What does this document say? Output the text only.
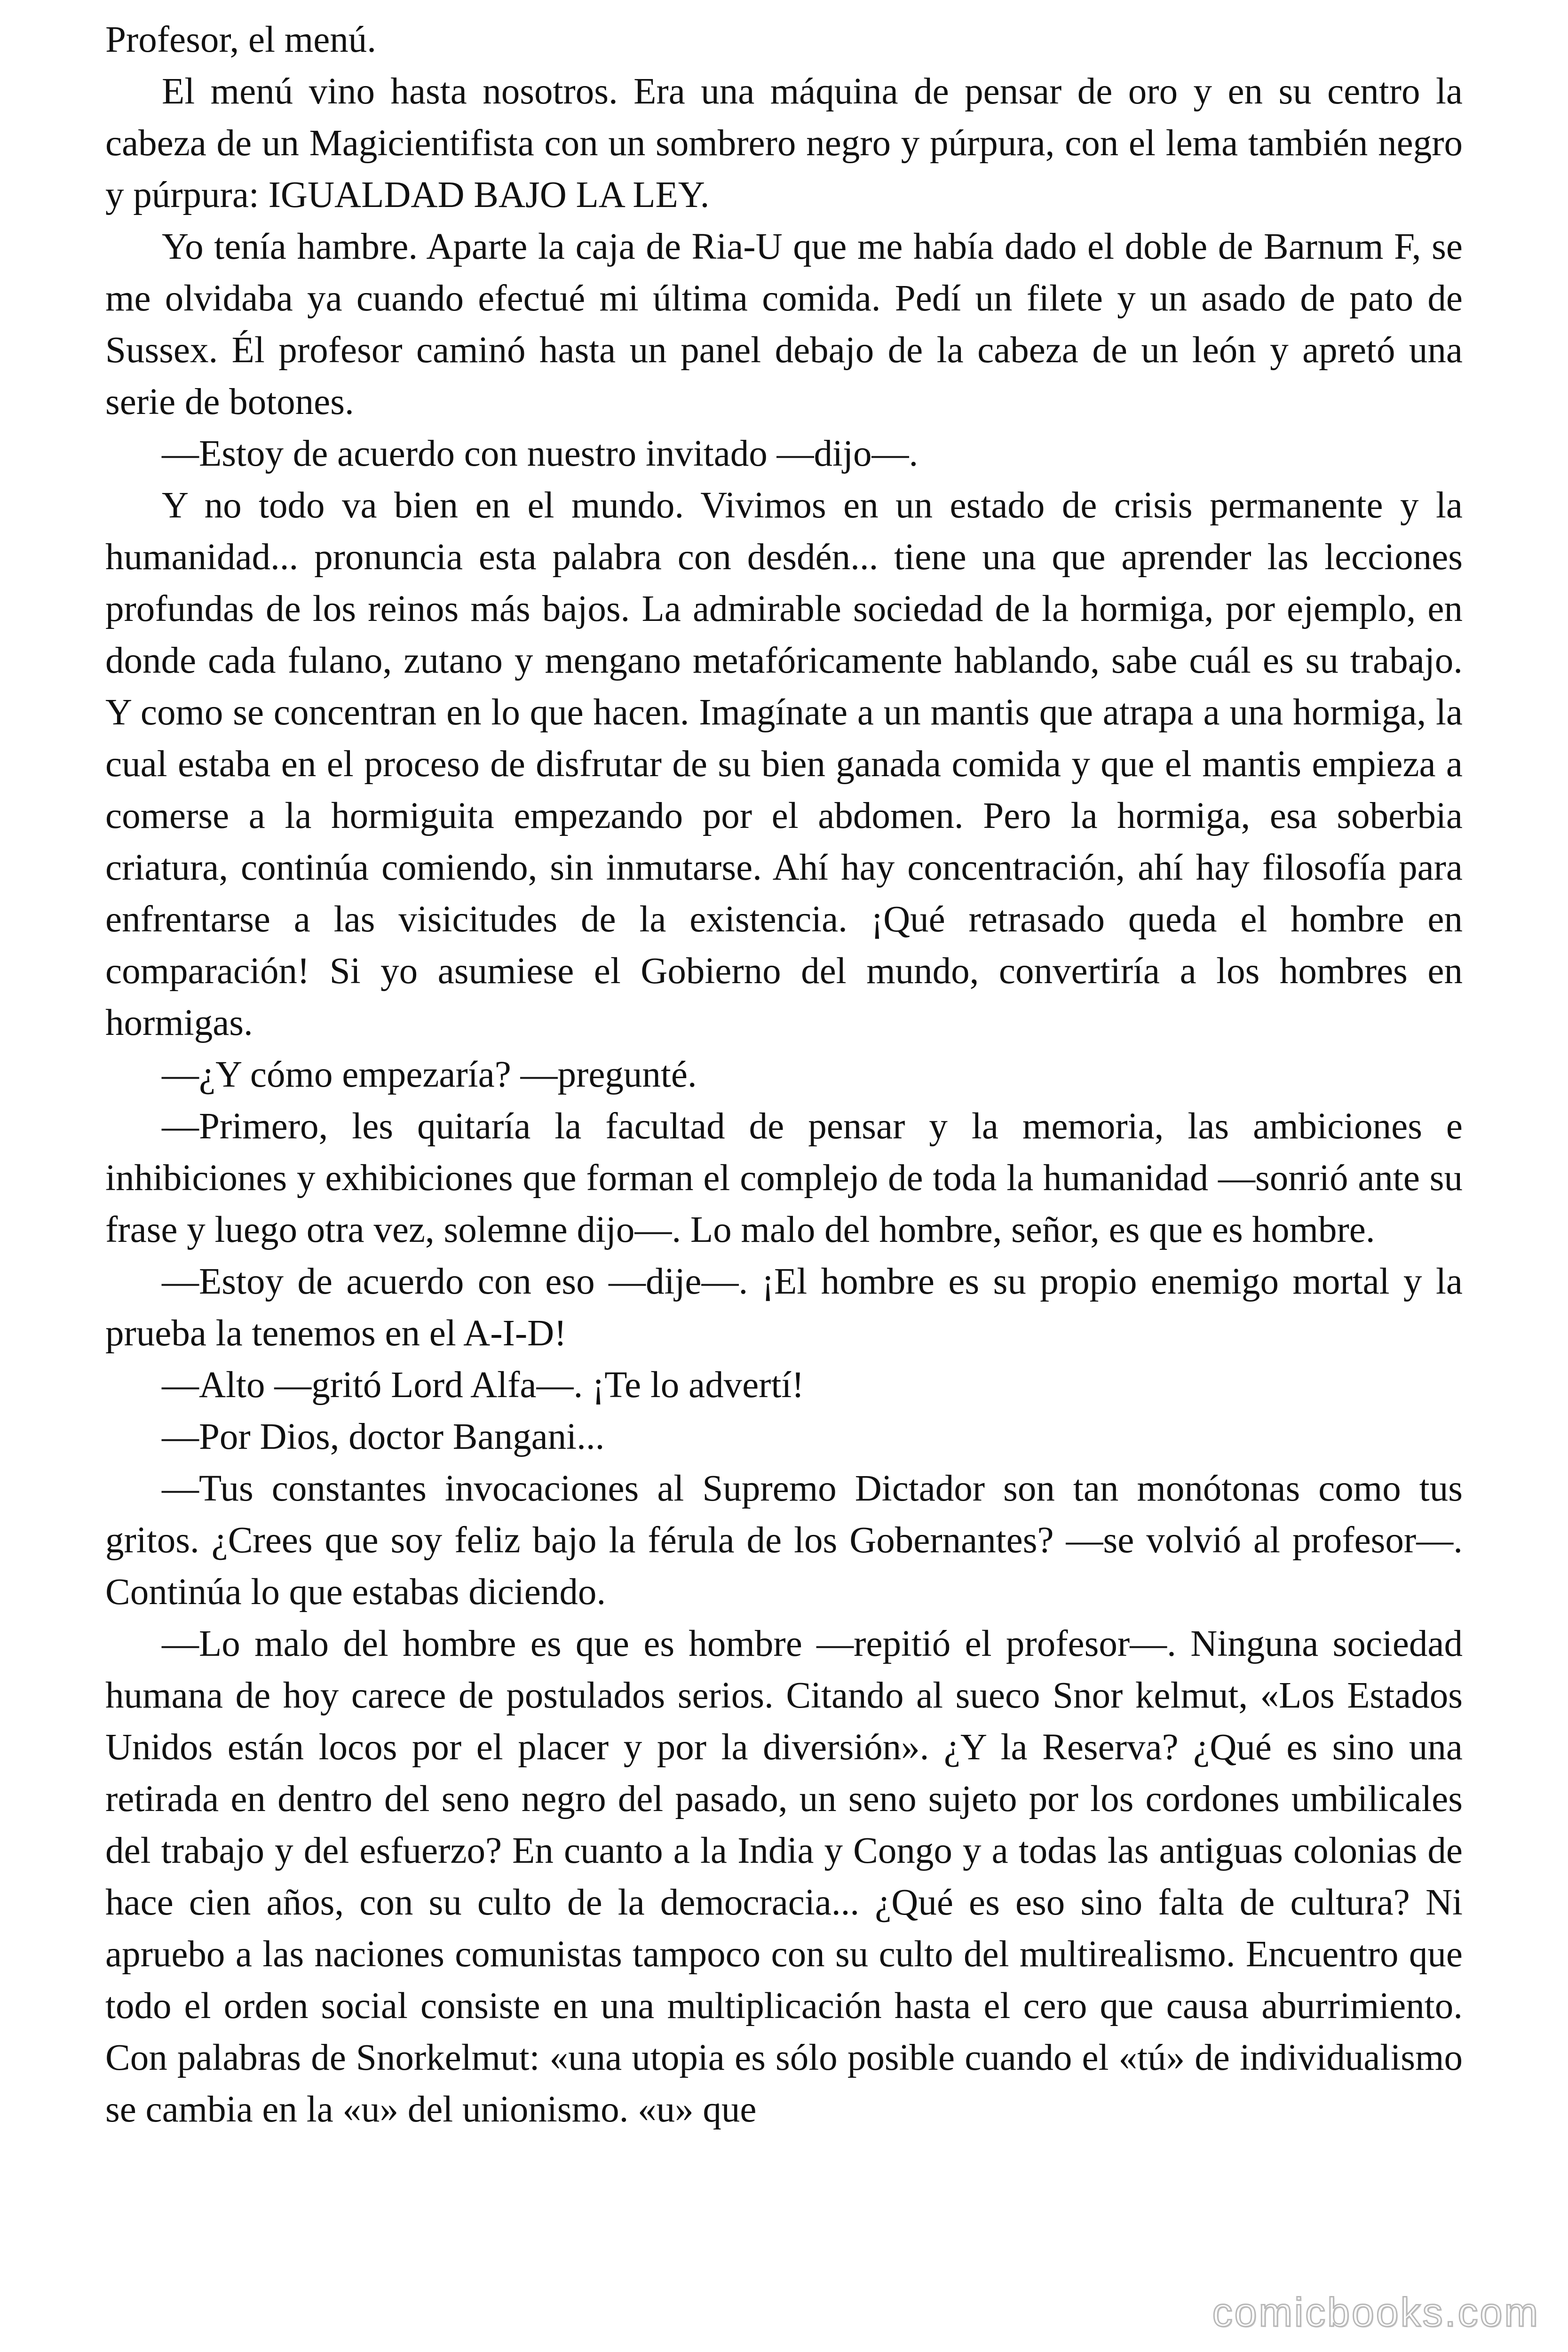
Profesor, el menú.

El menú vino hasta nosotros. Era una máquina de pensar de oro y en su centro la cabeza de un Magicientifista con un sombrero negro y púrpura, con el lema también negro y púrpura: IGUALDAD BAJO LA LEY.

Yo tenía hambre. Aparte la caja de Ria-U que me había dado el doble de Barnum F, se me olvidaba ya cuando efectué mi última comida. Pedí un filete y un asado de pato de Sussex. Él profesor caminó hasta un panel debajo de la cabeza de un león y apretó una serie de botones.

—Estoy de acuerdo con nuestro invitado —dijo—.

Y no todo va bien en el mundo. Vivimos en un estado de crisis permanente y la humanidad... pronuncia esta palabra con desdén... tiene una que aprender las lecciones profundas de los reinos más bajos. La admirable sociedad de la hormiga, por ejemplo, en donde cada fulano, zutano y mengano metafóricamente hablando, sabe cuál es su trabajo. Y como se concentran en lo que hacen. Imagínate a un mantis que atrapa a una hormiga, la cual estaba en el proceso de disfrutar de su bien ganada comida y que el mantis empieza a comerse a la hormiguita empezando por el abdomen. Pero la hormiga, esa soberbia criatura, continúa comiendo, sin inmutarse. Ahí hay concentración, ahí hay filosofía para enfrentarse a las visicitudes de la existencia. ¡Qué retrasado queda el hombre en comparación! Si yo asumiese el Gobierno del mundo, convertiría a los hombres en hormigas.

—¿Y cómo empezaría? —pregunté.

—Primero, les quitaría la facultad de pensar y la memoria, las ambiciones e inhibiciones y exhibiciones que forman el complejo de toda la humanidad —sonrió ante su frase y luego otra vez, solemne dijo—. Lo malo del hombre, señor, es que es hombre.

—Estoy de acuerdo con eso —dije—. ¡El hombre es su propio enemigo mortal y la prueba la tenemos en el A-I-D!

—Alto —gritó Lord Alfa—. ¡Te lo advertí!

—Por Dios, doctor Bangani...

—Tus constantes invocaciones al Supremo Dictador son tan monótonas como tus gritos. ¿Crees que soy feliz bajo la férula de los Gobernantes? —se volvió al profesor—. Continúa lo que estabas diciendo.

—Lo malo del hombre es que es hombre —repitió el profesor—. Ninguna sociedad humana de hoy carece de postulados serios. Citando al sueco Snor kelmut, «Los Estados Unidos están locos por el placer y por la diversión». ¿Y la Reserva? ¿Qué es sino una retirada en dentro del seno negro del pasado, un seno sujeto por los cordones umbilicales del trabajo y del esfuerzo? En cuanto a la India y Congo y a todas las antiguas colonias de hace cien años, con su culto de la democracia... ¿Qué es eso sino falta de cultura? Ni apruebo a las naciones comunistas tampoco con su culto del multirealismo. Encuentro que todo el orden social consiste en una multiplicación hasta el cero que causa aburrimiento. Con palabras de Snorkelmut: «una utopia es sólo posible cuando el «tú» de individualismo se cambia en la «u» del unionismo. «u» que

comicbooks.com
